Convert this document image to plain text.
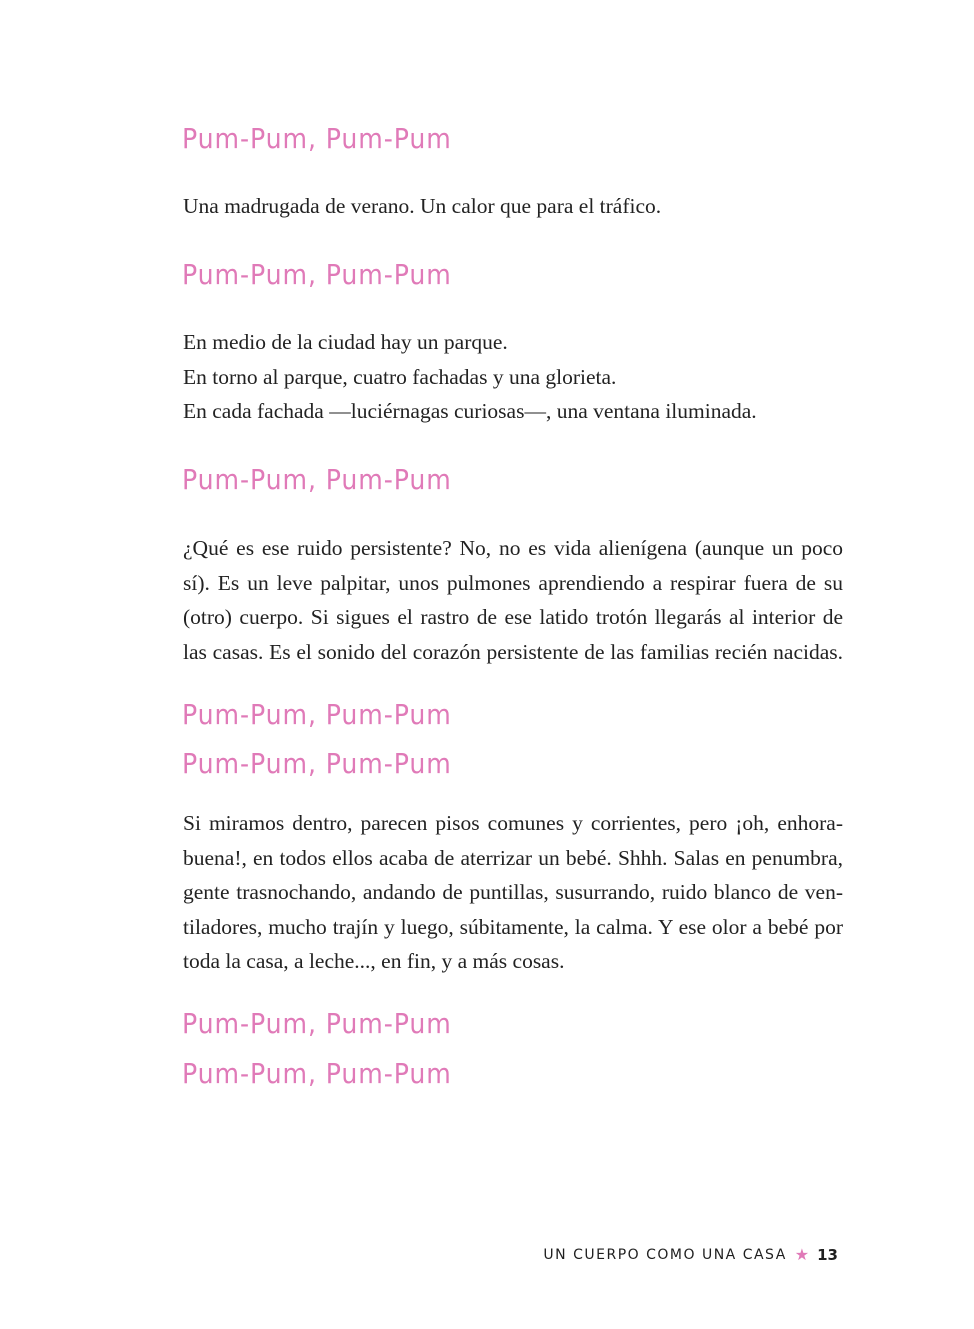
Pum-Pum, Pum-Pum

Una madrugada de verano. Un calor que para el tráfico.

Pum-Pum, Pum-Pum

En medio de la ciudad hay un parque.
En torno al parque, cuatro fachadas y una glorieta.
En cada fachada —luciérnagas curiosas—, una ventana iluminada.

Pum-Pum, Pum-Pum

¿Qué es ese ruido persistente? No, no es vida alienígena (aunque un poco
sí). Es un leve palpitar, unos pulmones aprendiendo a respirar fuera de su
(otro) cuerpo. Si sigues el rastro de ese latido trotón llegarás al interior de
las casas. Es el sonido del corazón persistente de las familias recién nacidas.

Pum-Pum, Pum-Pum

Pum-Pum, Pum-Pum

Si miramos dentro, parecen pisos comunes y corrientes, pero ¡oh, enhora-
buena!, en todos ellos acaba de aterrizar un bebé. Shhh. Salas en penumbra,
gente trasnochando, andando de puntillas, susurrando, ruido blanco de ven-
tiladores, mucho trajín y luego, súbitamente, la calma. Y ese olor a bebé por
toda la casa, a leche..., en fin, y a más cosas.

Pum-Pum, Pum-Pum

Pum-Pum, Pum-Pum

UN CUERPO COMO UNA CASA ★ 13
